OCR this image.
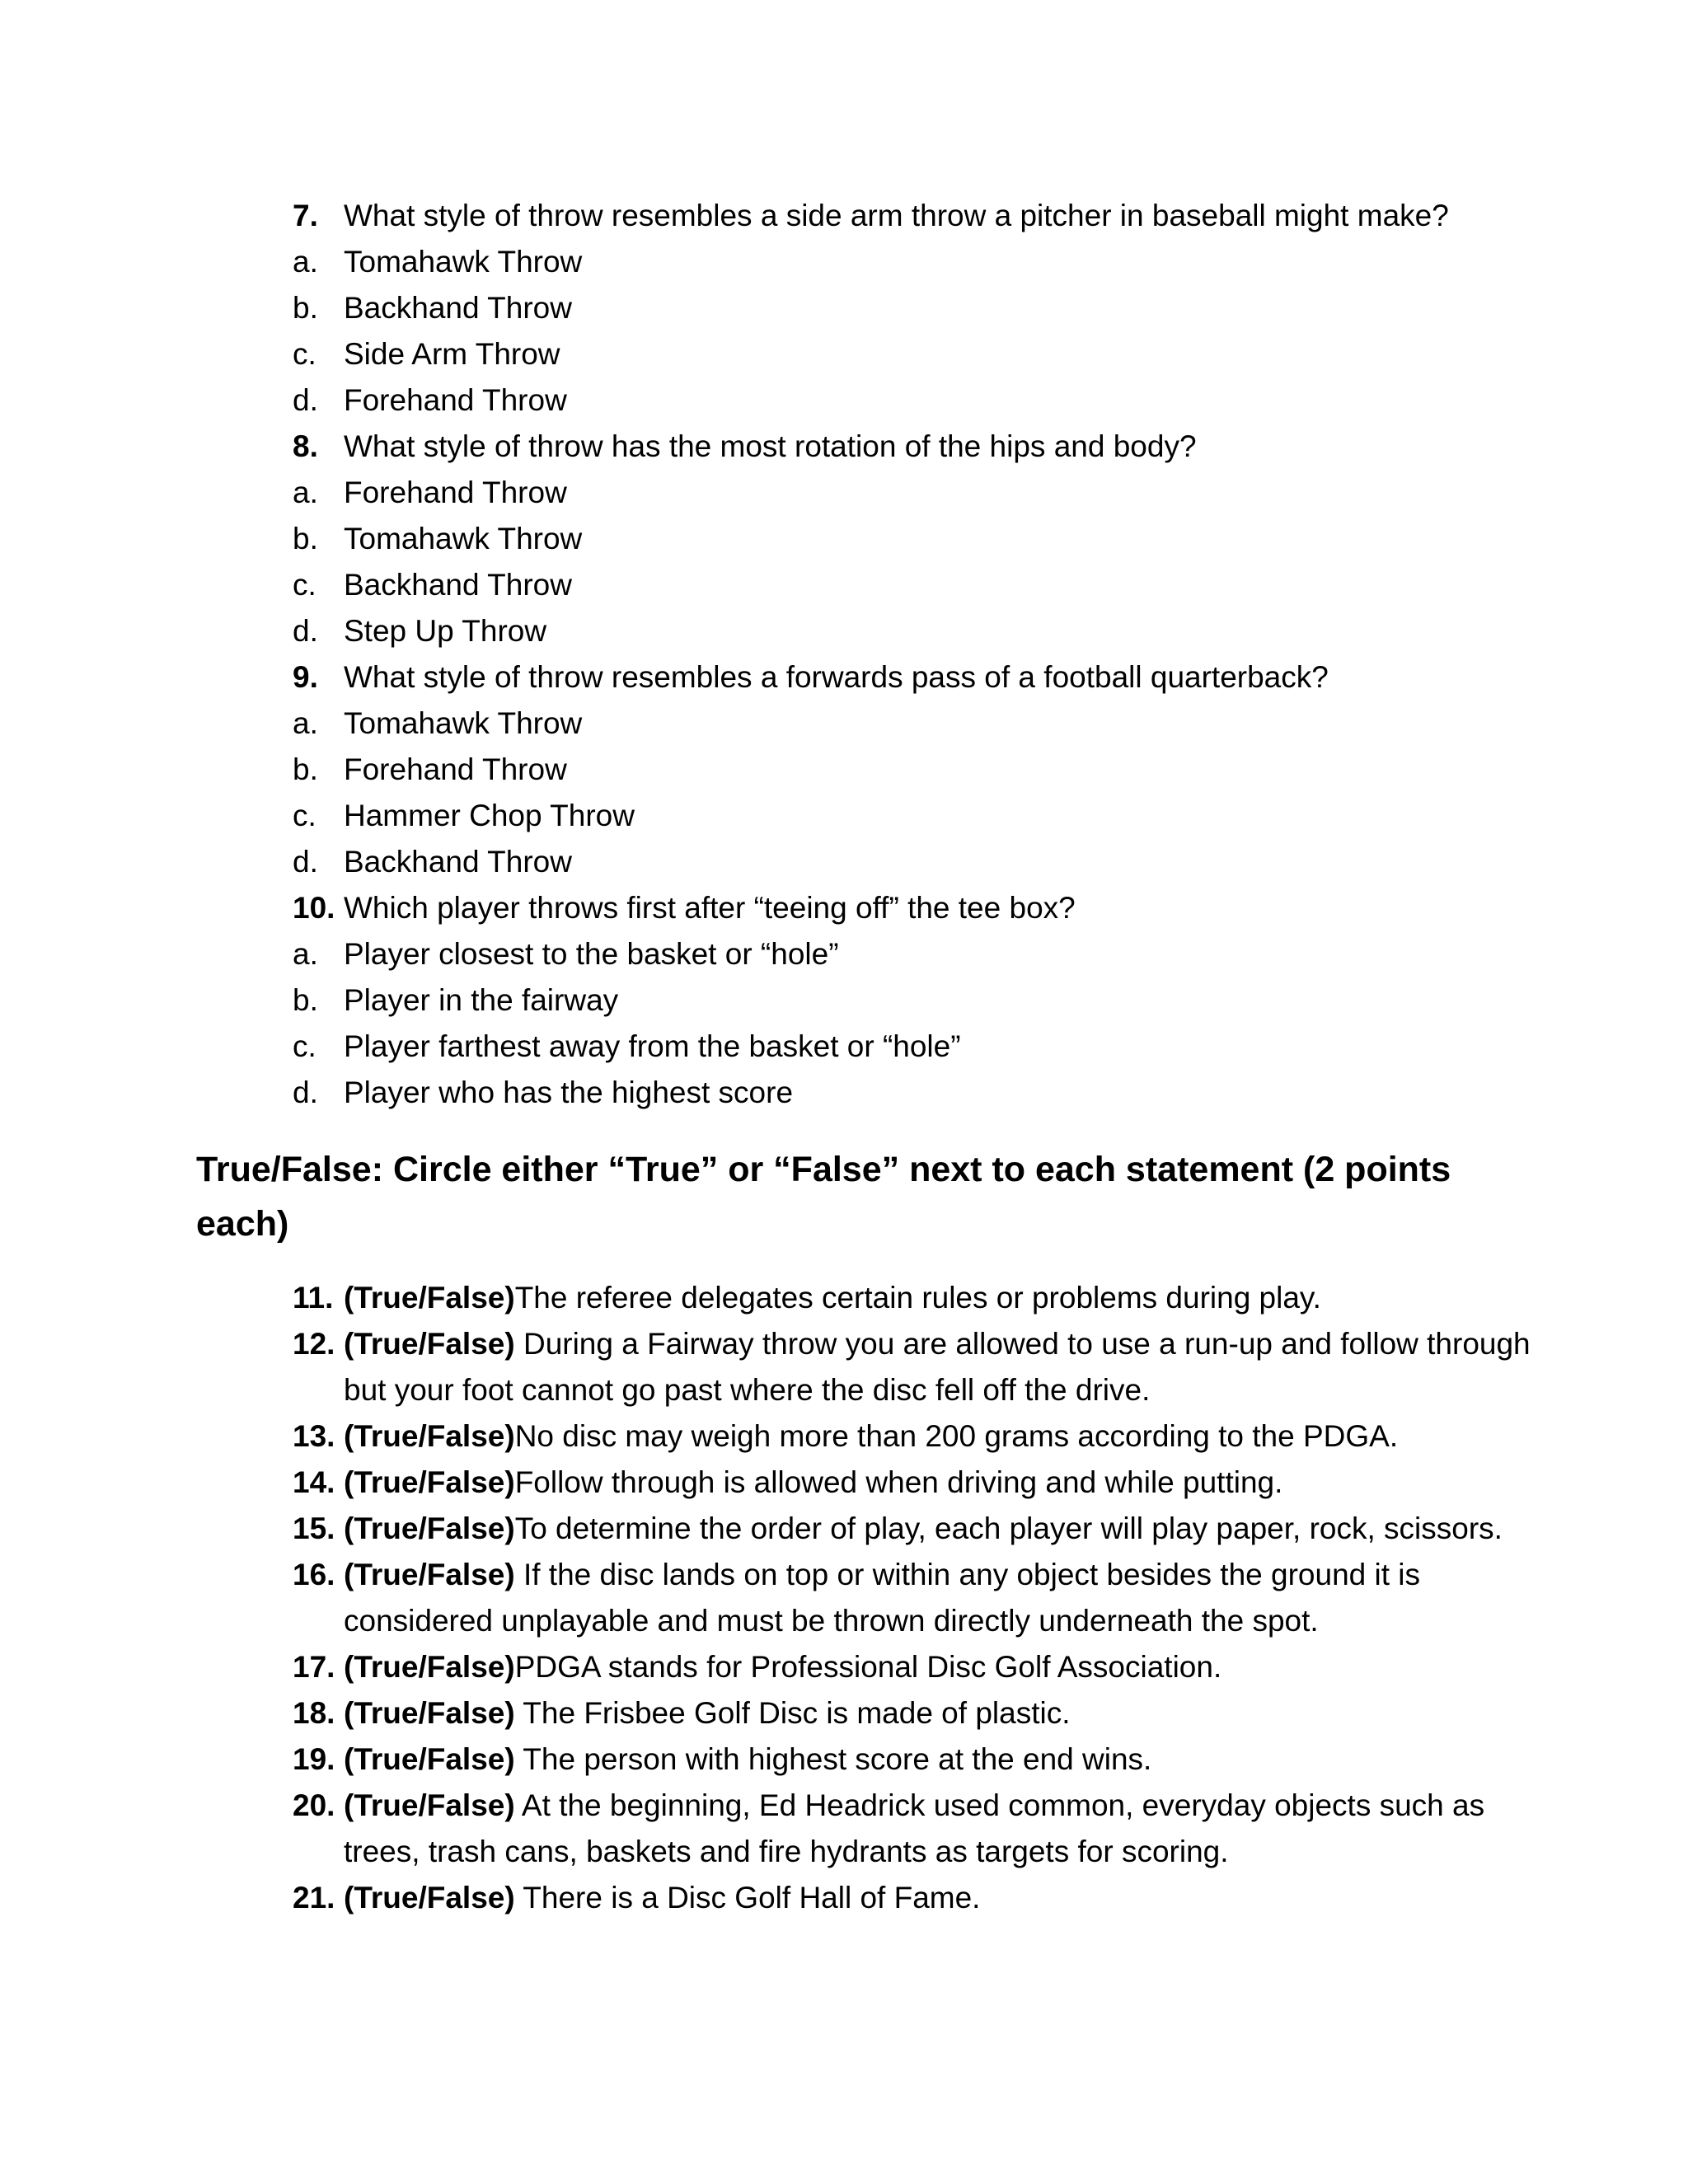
7. What style of throw resembles a side arm throw a pitcher in baseball might make?
a. Tomahawk Throw
b. Backhand Throw
c. Side Arm Throw
d. Forehand Throw
8. What style of throw has the most rotation of the hips and body?
a. Forehand Throw
b. Tomahawk Throw
c. Backhand Throw
d. Step Up Throw
9. What style of throw resembles a forwards pass of a football quarterback?
a. Tomahawk Throw
b. Forehand Throw
c. Hammer Chop Throw
d. Backhand Throw
10. Which player throws first after “teeing off” the tee box?
a. Player closest to the basket or “hole”
b. Player in the fairway
c. Player farthest away from the basket or “hole”
d. Player who has the highest score
True/False: Circle either “True” or “False” next to each statement (2 points each)
11. (True/False)The referee delegates certain rules or problems during play.
12. (True/False) During a Fairway throw you are allowed to use a run-up and follow through but your foot cannot go past where the disc fell off the drive.
13. (True/False)No disc may weigh more than 200 grams according to the PDGA.
14. (True/False)Follow through is allowed when driving and while putting.
15. (True/False)To determine the order of play, each player will play paper, rock, scissors.
16. (True/False) If the disc lands on top or within any object besides the ground it is considered unplayable and must be thrown directly underneath the spot.
17. (True/False)PDGA stands for Professional Disc Golf Association.
18. (True/False) The Frisbee Golf Disc is made of plastic.
19. (True/False) The person with highest score at the end wins.
20. (True/False) At the beginning, Ed Headrick used common, everyday objects such as trees, trash cans, baskets and fire hydrants as targets for scoring.
21. (True/False) There is a Disc Golf Hall of Fame.
